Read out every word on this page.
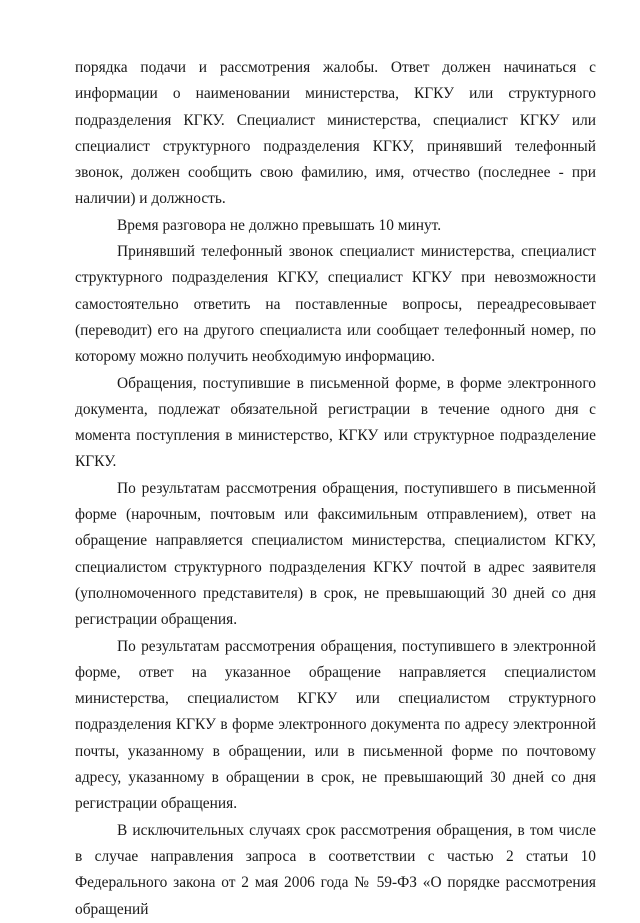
порядка подачи и рассмотрения жалобы. Ответ должен начинаться с информации о наименовании министерства, КГКУ или структурного подразделения КГКУ. Специалист министерства, специалист КГКУ или специалист структурного подразделения КГКУ, принявший телефонный звонок, должен сообщить свою фамилию, имя, отчество (последнее - при наличии) и должность.

Время разговора не должно превышать 10 минут.

Принявший телефонный звонок специалист министерства, специалист структурного подразделения КГКУ, специалист КГКУ при невозможности самостоятельно ответить на поставленные вопросы, переадресовывает (переводит) его на другого специалиста или сообщает телефонный номер, по которому можно получить необходимую информацию.

Обращения, поступившие в письменной форме, в форме электронного документа, подлежат обязательной регистрации в течение одного дня с момента поступления в министерство, КГКУ или структурное подразделение КГКУ.

По результатам рассмотрения обращения, поступившего в письменной форме (нарочным, почтовым или факсимильным отправлением), ответ на обращение направляется специалистом министерства, специалистом КГКУ, специалистом структурного подразделения КГКУ почтой в адрес заявителя (уполномоченного представителя) в срок, не превышающий 30 дней со дня регистрации обращения.

По результатам рассмотрения обращения, поступившего в электронной форме, ответ на указанное обращение направляется специалистом министерства, специалистом КГКУ или специалистом структурного подразделения КГКУ в форме электронного документа по адресу электронной почты, указанному в обращении, или в письменной форме по почтовому адресу, указанному в обращении в срок, не превышающий 30 дней со дня регистрации обращения.

В исключительных случаях срок рассмотрения обращения, в том числе в случае направления запроса в соответствии с частью 2 статьи 10 Федерального закона от 2 мая 2006 года № 59-ФЗ «О порядке рассмотрения обращений
